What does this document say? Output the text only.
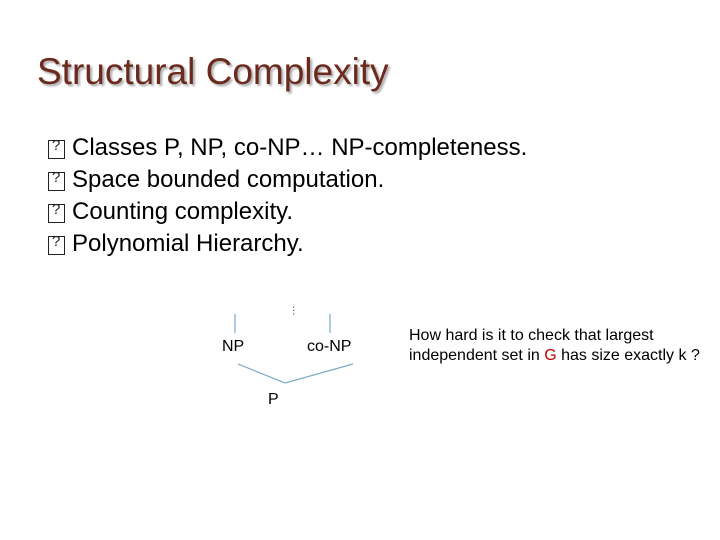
Structural Complexity
?
Classes P, NP, co-NP… NP-completeness.
?
Space bounded computation.
?
Counting complexity.
?
Polynomial Hierarchy.
…
NP	co-NP
P
How hard is it to check that largest independent set in G has size exactly k ?
